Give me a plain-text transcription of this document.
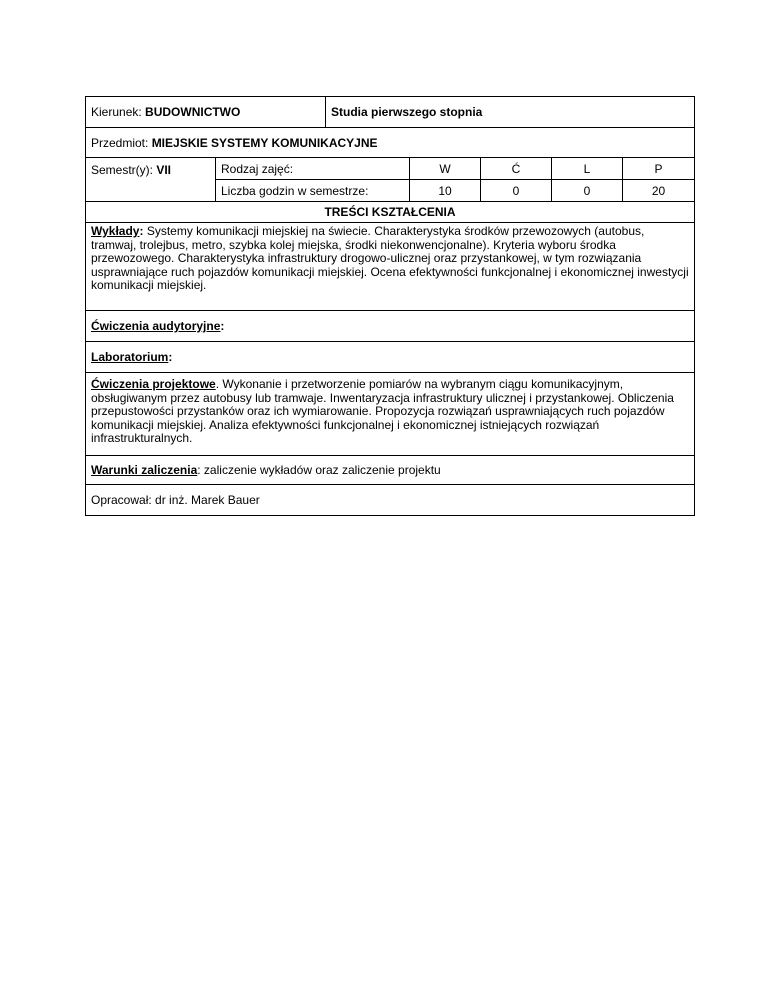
Kierunek: BUDOWNICTWO	Studia pierwszego stopnia
Przedmiot: MIEJSKIE SYSTEMY KOMUNIKACYJNE
Semestr(y): VII	Rodzaj zajęć:	W	Ć	L	P
Liczba godzin w semestrze:	10	0	0	20
TREŚCI KSZTAŁCENIA
Wykłady: Systemy komunikacji miejskiej na świecie. Charakterystyka środków przewozowych (autobus, tramwaj, trolejbus, metro, szybka kolej miejska, środki niekonwencjonalne). Kryteria wyboru środka przewozowego. Charakterystyka infrastruktury drogowo-ulicznej oraz przystankowej, w tym rozwiązania usprawniające ruch pojazdów komunikacji miejskiej. Ocena efektywności funkcjonalnej i ekonomicznej inwestycji komunikacji miejskiej.
Ćwiczenia audytoryjne:
Laboratorium:
Ćwiczenia projektowe. Wykonanie i przetworzenie pomiarów na wybranym ciągu komunikacyjnym, obsługiwanym przez autobusy lub tramwaje. Inwentaryzacja infrastruktury ulicznej i przystankowej. Obliczenia przepustowości przystanków oraz ich wymiarowanie. Propozycja rozwiązań usprawniających ruch pojazdów komunikacji miejskiej. Analiza efektywności funkcjonalnej i ekonomicznej istniejących rozwiązań infrastrukturalnych.
Warunki zaliczenia: zaliczenie wykładów oraz zaliczenie projektu
Opracował: dr inż. Marek Bauer
